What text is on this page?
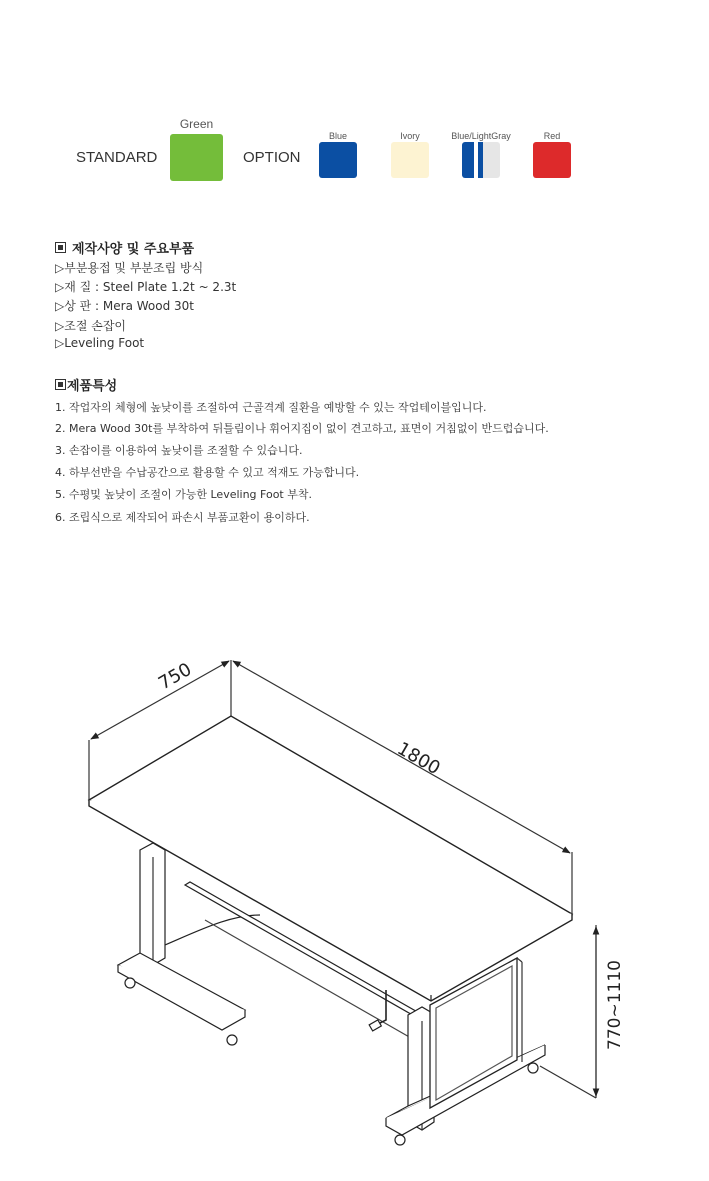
STANDARD
Green
OPTION
Blue	Ivory	Blue/LightGray	Red
제작사양 및 주요부품
▷부분용접 및 부분조립 방식
▷재 질 : Steel Plate 1.2t ~ 2.3t
▷상 판 : Mera Wood 30t
▷조절 손잡이
▷Leveling Foot
제품특성
1. 작업자의 체형에 높낮이를 조절하여 근골격계 질환을 예방할 수 있는 작업테이블입니다.
2. Mera Wood 30t를 부착하여 뒤틀림이나 휘어지집이 없이 견고하고, 표면이 거침없이 반드럽습니다.
3. 손잡이를 이용하여 높낮이를 조절할 수 있습니다.
4. 하부선반을 수납공간으로 활용할 수 있고 적재도 가능합니다.
5. 수평및 높낮이 조절이 가능한 Leveling Foot 부착.
6. 조립식으로 제작되어 파손시 부품교환이 용이하다.
750
1800
770~1110
